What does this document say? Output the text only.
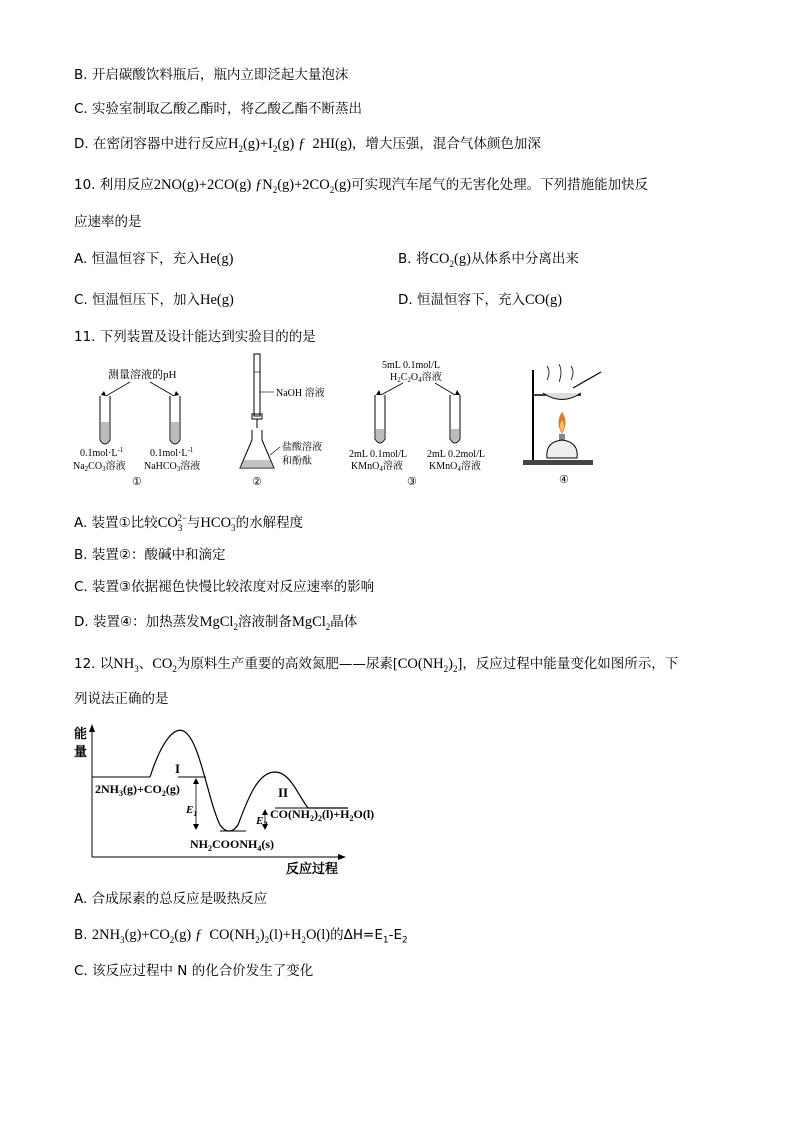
B. 开启碳酸饮料瓶后，瓶内立即泛起大量泡沫
C. 实验室制取乙酸乙酯时，将乙酸乙酯不断蒸出
D. 在密闭容器中进行反应$H_2(g)+I_2(g)$ ƒ  2HI(g)，增大压强，混合气体颜色加深
10. 利用反应2NO(g)+2CO(g) $ƒN_2(g)+2CO_2(g)$可实现汽车尾气的无害化处理。下列措施能加快反
应速率的是
A. 恒温恒容下，充入He(g)	B. 将$CO_2(g)$从体系中分离出来
C. 恒温恒压下，加入He(g)	D. 恒温恒容下，充入CO(g)
11. 下列装置及设计能达到实验目的的是
测量溶液的pH
$0.1mol\cdot L^{-1}$	$0.1mol\cdot L^{-1}$
$Na_2CO_3$溶液 NaHCO$_3$溶液
①
NaOH 溶液
盐酸溶液
和酚酞
②
5mL 0.1mol/L
$H_2C_2O_4$溶液
2mL 0.1mol/L 2mL 0.2mol/L
KMnO$_4$溶液	KMnO$_4$溶液
③	④
A. 装置①比较$CO_3^{2-}$与$HCO_3^-$的水解程度
B. 装置②：酸碱中和滴定
C. 装置③依据褪色快慢比较浓度对反应速率的影响
D. 装置④：加热蒸发MgCl$_2$溶液制备MgCl$_2$晶体
12. 以$NH_3$、$CO_2$为原料生产重要的高效氮肥——尿素$[CO(NH_2)_2]$，反应过程中能量变化如图所示，下
列说法正确的是
能
量
反应过程
I
II
$2NH_3(g)+CO_2(g)$
$E_1$
$E_2$
$CO(NH_2)_2(l)+H_2O(l)$
$NH_2COONH_4(s)$
A. 合成尿素的总反应是吸热反应
B. $2NH_3(g)+CO_2(g)$ ƒ  $CO(NH_2)_2(l)+H_2O(l)$的$\Delta H=E_1-E_2$
C. 该反应过程中 N 的化合价发生了变化
